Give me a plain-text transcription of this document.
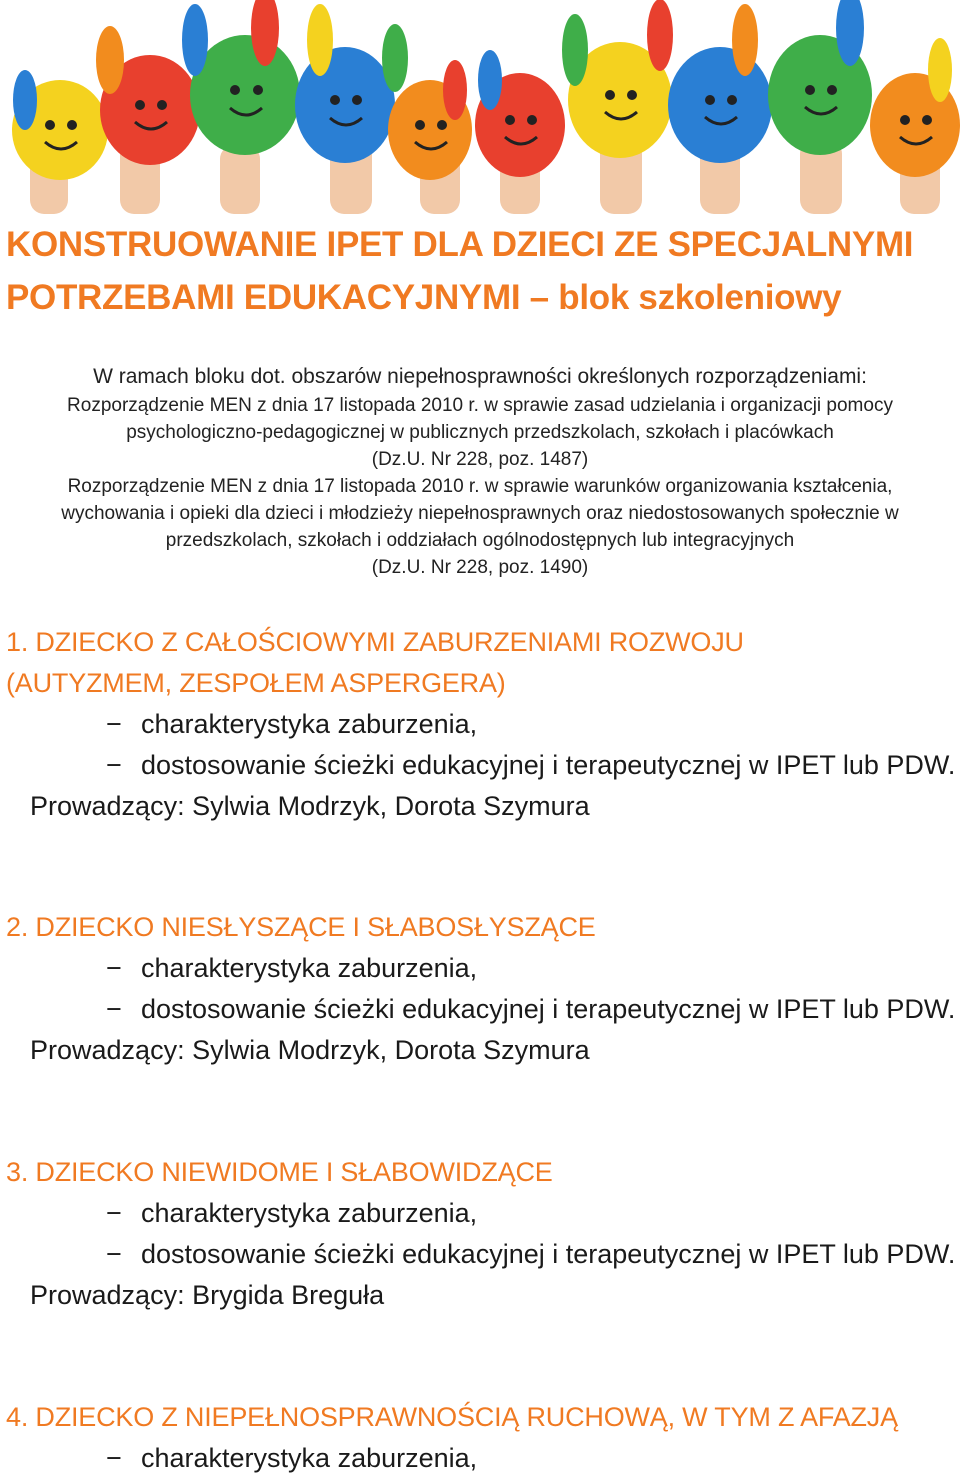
KONSTRUOWANIE IPET DLA DZIECI ZE SPECJALNYMI
POTRZEBAMI EDUKACYJNYMI – blok szkoleniowy
W ramach bloku dot. obszarów niepełnosprawności określonych rozporządzeniami:
Rozporządzenie MEN z dnia 17 listopada 2010 r. w sprawie zasad udzielania i organizacji pomocy
psychologiczno-pedagogicznej w publicznych przedszkolach, szkołach i placówkach
(Dz.U. Nr 228, poz. 1487)
Rozporządzenie MEN z dnia 17 listopada 2010 r. w sprawie warunków organizowania kształcenia,
wychowania i opieki dla dzieci i młodzieży niepełnosprawnych oraz niedostosowanych społecznie w
przedszkolach, szkołach i oddziałach ogólnodostępnych lub integracyjnych
(Dz.U. Nr 228, poz. 1490)
1. DZIECKO Z CAŁOŚCIOWYMI ZABURZENIAMI ROZWOJU
(AUTYZMEM, ZESPOŁEM ASPERGERA)
− charakterystyka zaburzenia,
− dostosowanie ścieżki edukacyjnej i terapeutycznej w IPET lub PDW.
Prowadzący: Sylwia Modrzyk, Dorota Szymura
2. DZIECKO NIESŁYSZĄCE I SŁABOSŁYSZĄCE
− charakterystyka zaburzenia,
− dostosowanie ścieżki edukacyjnej i terapeutycznej w IPET lub PDW.
Prowadzący: Sylwia Modrzyk, Dorota Szymura
3. DZIECKO NIEWIDOME I SŁABOWIDZĄCE
− charakterystyka zaburzenia,
− dostosowanie ścieżki edukacyjnej i terapeutycznej w IPET lub PDW.
Prowadzący: Brygida Breguła
4. DZIECKO Z NIEPEŁNOSPRAWNOŚCIĄ RUCHOWĄ, W TYM Z AFAZJĄ
− charakterystyka zaburzenia,
